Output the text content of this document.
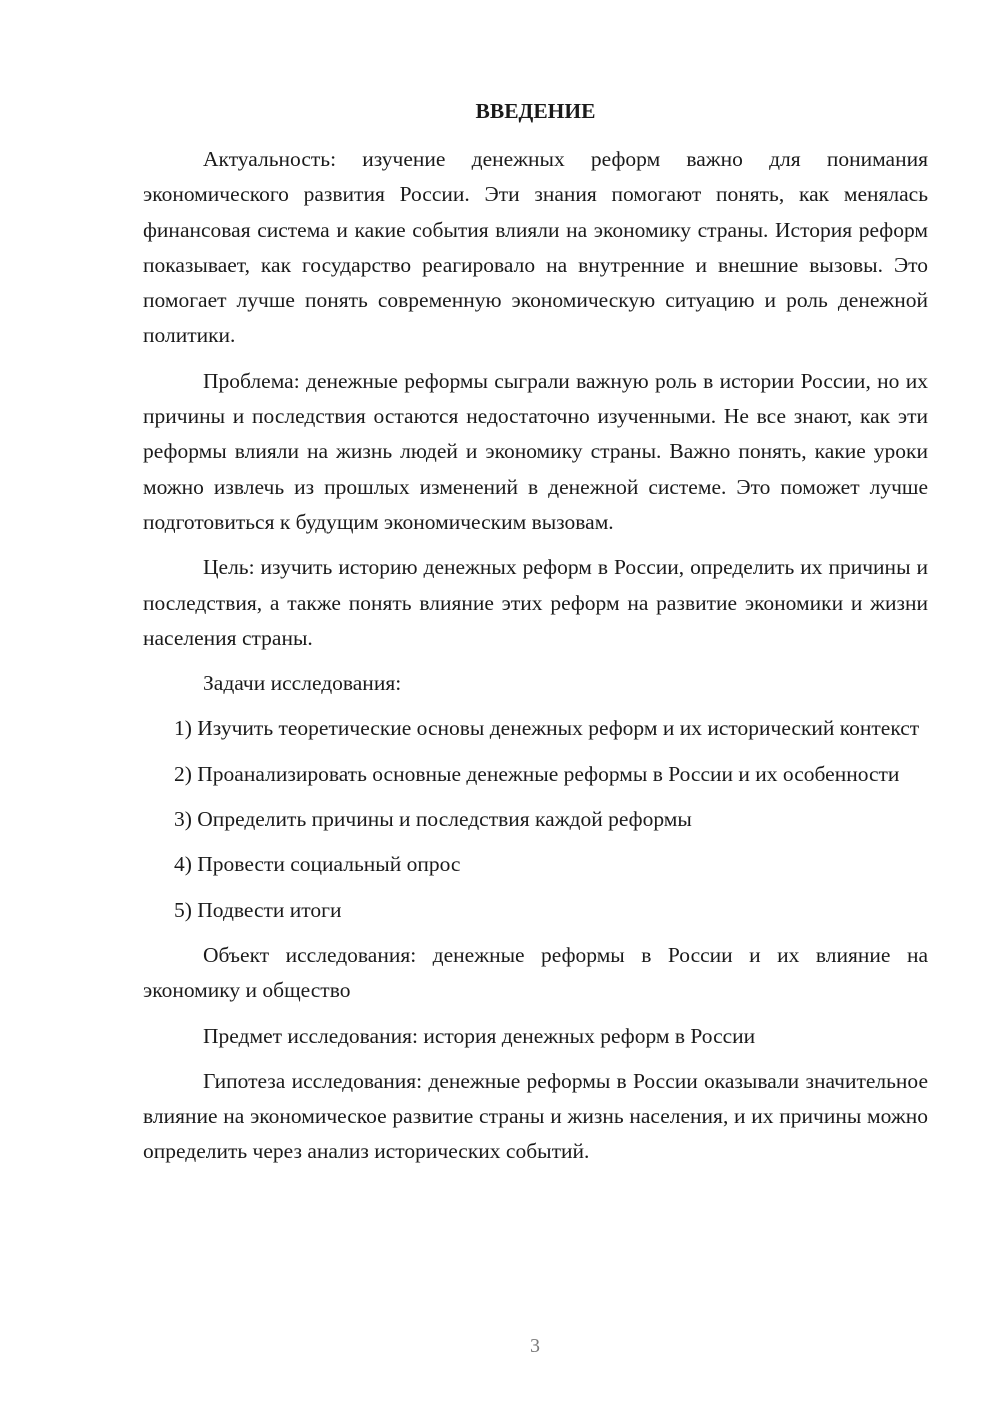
ВВЕДЕНИЕ

Актуальность: изучение денежных реформ важно для понимания экономического развития России. Эти знания помогают понять, как менялась финансовая система и какие события влияли на экономику страны. История реформ показывает, как государство реагировало на внутренние и внешние вызовы. Это помогает лучше понять современную экономическую ситуацию и роль денежной политики.

Проблема: денежные реформы сыграли важную роль в истории России, но их причины и последствия остаются недостаточно изученными. Не все знают, как эти реформы влияли на жизнь людей и экономику страны. Важно понять, какие уроки можно извлечь из прошлых изменений в денежной системе. Это поможет лучше подготовиться к будущим экономическим вызовам.

Цель: изучить историю денежных реформ в России, определить их причины и последствия, а также понять влияние этих реформ на развитие экономики и жизни населения страны.

Задачи исследования:

1) Изучить теоретические основы денежных реформ и их исторический контекст

2) Проанализировать основные денежные реформы в России и их особенности

3) Определить причины и последствия каждой реформы

4) Провести социальный опрос

5) Подвести итоги

Объект исследования: денежные реформы в России и их влияние на экономику и общество

Предмет исследования: история денежных реформ в России

Гипотеза исследования: денежные реформы в России оказывали значительное влияние на экономическое развитие страны и жизнь населения, и их причины можно определить через анализ исторических событий.

3
